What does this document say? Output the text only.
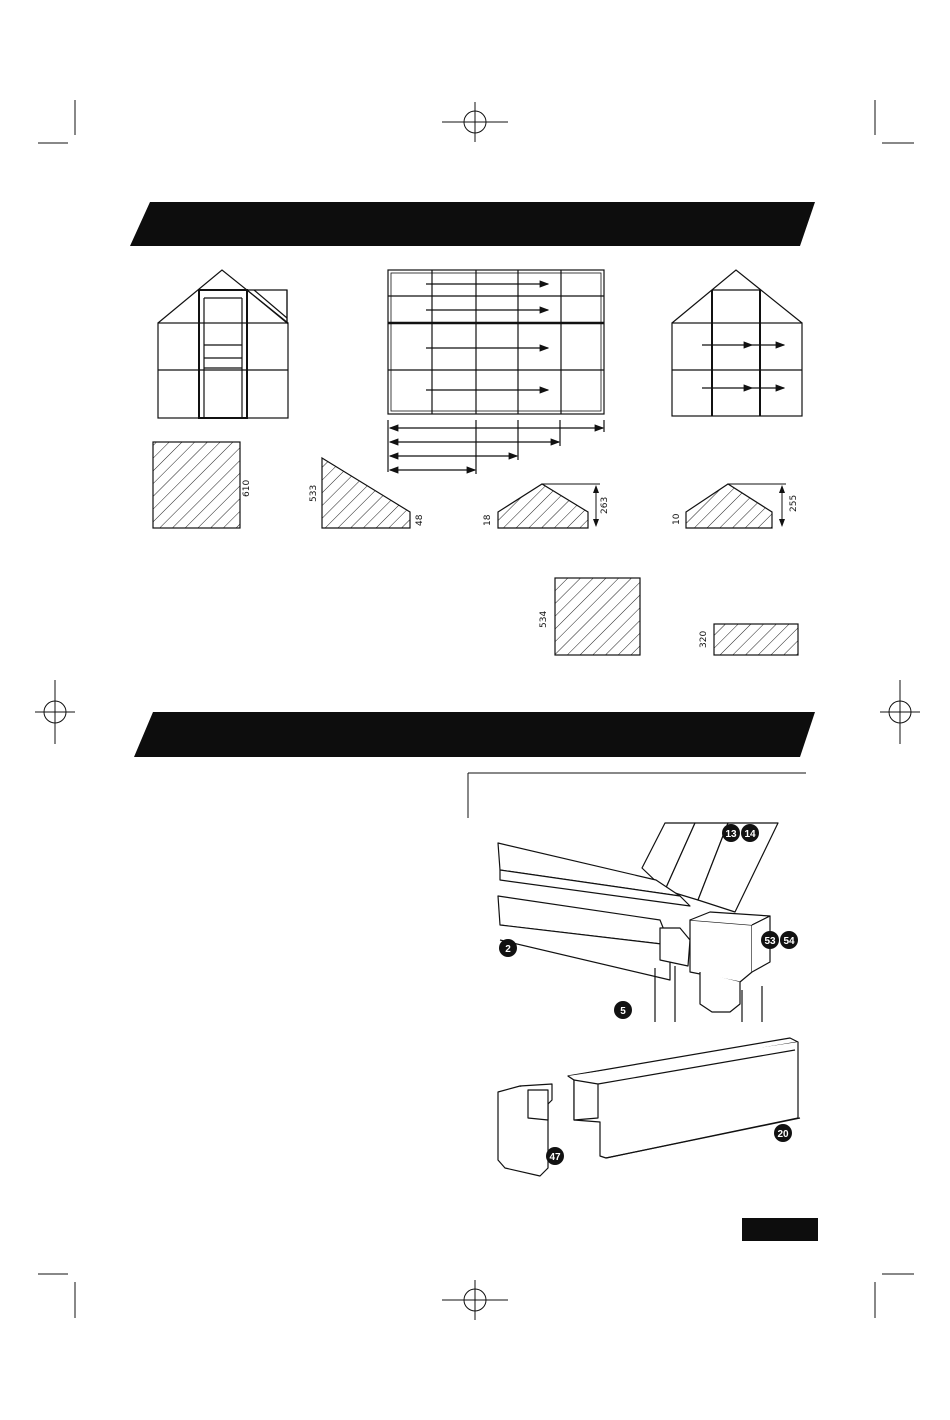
610	533
48	18
263
10
255
534
320
13 14
53 54
2
5
20
47
